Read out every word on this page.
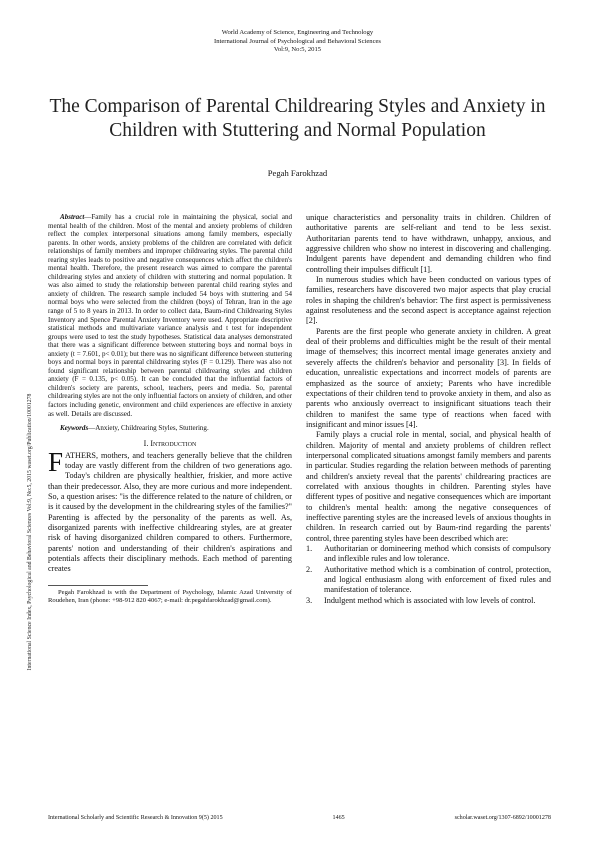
World Academy of Science, Engineering and Technology
International Journal of Psychological and Behavioral Sciences
Vol:9, No:5, 2015
The Comparison of Parental Childrearing Styles and Anxiety in Children with Stuttering and Normal Population
Pegah Farokhzad
International Science Index, Psychological and Behavioral Sciences Vol:9, No:5, 2015 waset.org/Publication/10001278

Abstract—Family has a crucial role in maintaining the physical, social and mental health of the children. Most of the mental and anxiety problems of children reflect the complex interpersonal situations among family members, especially parents. In other words, anxiety problems of the children are correlated with deficit relationships of family members and improper childrearing styles. The parental child rearing styles leads to positive and negative consequences which affect the children's mental health. Therefore, the present research was aimed to compare the parental childrearing styles and anxiety of children with stuttering and normal population. It was also aimed to study the relationship between parental child rearing styles and anxiety of children. The research sample included 54 boys with stuttering and 54 normal boys who were selected from the children (boys) of Tehran, Iran in the age range of 5 to 8 years in 2013. In order to collect data, Baum-rind Childrearing Styles Inventory and Spence Parental Anxiety Inventory were used. Appropriate descriptive statistical methods and multivariate variance analysis and t test for independent groups were used to test the study hypotheses. Statistical data analyses demonstrated that there was a significant difference between stuttering boys and normal boys in anxiety (t = 7.601, p< 0.01); but there was no significant difference between stuttering boys and normal boys in parental childrearing styles (F = 0.129). There was also not found significant relationship between parental childrearing styles and children anxiety (F = 0.135, p< 0.05). It can be concluded that the influential factors of children's society are parents, school, teachers, peers and media. So, parental childrearing styles are not the only influential factors on anxiety of children, and other factors including genetic, environment and child experiences are effective in anxiety as well. Details are discussed.

Keywords—Anxiety, Childrearing Styles, Stuttering.

I. Introduction

FATHERS, mothers, and teachers generally believe that the children today are vastly different from the children of two generations ago. Today's children are physically healthier, friskier, and more active than their predecessor. Also, they are more curious and more independent. So, a question arises: "is the difference related to the nature of children, or is it caused by the development in the childrearing styles of the families?" Parenting is affected by the personality of the parents as well. As, disorganized parents with ineffective childrearing styles, are at greater risk of having disorganized children compared to others. Furthermore, parents' notion and understanding of their children's aspirations and potentials affects their disciplinary methods. Each method of parenting creates

Pegah Farokhzad is with the Department of Psychology, Islamic Azad University of Roudehen, Iran (phone: +98-912 820 4067; e-mail: dr.pegahfarokhzad@gmail.com).

unique characteristics and personality traits in children. Children of authoritative parents are self-reliant and tend to be less sexist. Authoritarian parents tend to have withdrawn, unhappy, anxious, and aggressive children who show no interest in discovering and challenging. Indulgent parents have dependent and demanding children who find controlling their impulses difficult [1].

In numerous studies which have been conducted on various types of families, researchers have discovered two major aspects that play crucial roles in shaping the children's behavior: The first aspect is permissiveness against resoluteness and the second aspect is acceptance against rejection [2].

Parents are the first people who generate anxiety in children. A great deal of their problems and difficulties might be the result of their mental image of themselves; this incorrect mental image generates anxiety and severely affects the children's behavior and personality [3]. In fields of education, unrealistic expectations and incorrect models of parents are emphasized as the source of anxiety; Parents who have incredible expectations of their children tend to provoke anxiety in them, and also as parents who anxiously overreact to insignificant situations teach their children to manifest the same type of reactions when faced with insignificant and minor issues [4].

Family plays a crucial role in mental, social, and physical health of children. Majority of mental and anxiety problems of children reflect interpersonal complicated situations amongst family members and parents in particular. Studies regarding the relation between methods of parenting and children's anxiety reveal that the parents' childrearing practices are correlated with anxious thoughts in children. Parenting styles have different types of positive and negative consequences which are important to children's mental health: among the negative consequences of ineffective parenting styles are the increased levels of anxious thoughts in children. In research carried out by Baum-rind regarding the parents' control, three parenting styles have been described which are:

1.	Authoritarian or domineering method which consists of compulsory and inflexible rules and low tolerance.
2.	Authoritative method which is a combination of control, protection, and logical enthusiasm along with enforcement of fixed rules and manifestation of tolerance.
3.	Indulgent method which is associated with low levels of control.
International Scholarly and Scientific Research & Innovation 9(5) 2015	1465	scholar.waset.org/1307-6892/10001278
